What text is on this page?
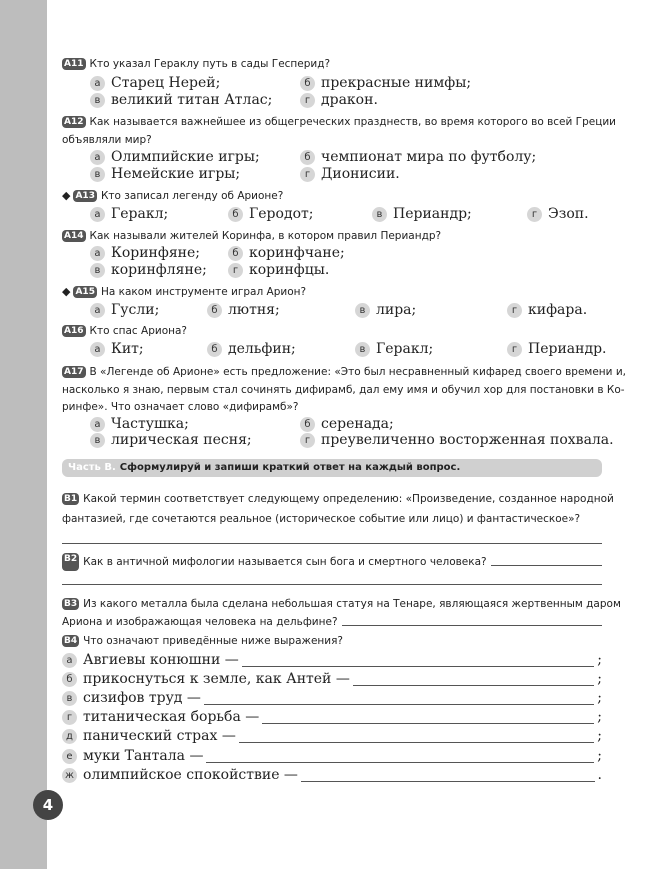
4
А11 Кто указал Гераклу путь в сады Гесперид?
а Старец Нерей;	б прекрасные нимфы;
в великий титан Атлас;	г дракон.
А12 Как называется важнейшее из общегреческих празднеств, во время которого во всей Греции
объявляли мир?
а Олимпийские игры;	б чемпионат мира по футболу;
в Немейские игры;	г Дионисии.
◆ А13 Кто записал легенду об Арионе?
а Геракл;	б Геродот;	в Периандр;	г Эзоп.
А14 Как называли жителей Коринфа, в котором правил Периандр?
а Коринфяне;	б коринфчане;
в коринфляне;	г коринфцы.
◆ А15 На каком инструменте играл Арион?
а Гусли;	б лютня;	в лира;	г кифара.
А16 Кто спас Ариона?
а Кит;	б дельфин;	в Геракл;	г Периандр.
А17 В «Легенде об Арионе» есть предложение: «Это был несравненный кифаред своего времени и,
насколько я знаю, первым стал сочинять дифирамб, дал ему имя и обучил хор для постановки в Ко-
ринфе». Что означает слово «дифирамб»?
а Частушка;	б серенада;
в лирическая песня;	г преувеличенно восторженная похвала.
Часть В. Сформулируй и запиши краткий ответ на каждый вопрос.
В1 Какой термин соответствует следующему определению: «Произведение, созданное народной
фантазией, где сочетаются реальное (историческое событие или лицо) и фантастическое»?
В2 Как в античной мифологии называется сын бога и смертного человека?
В3 Из какого металла была сделана небольшая статуя на Тенаре, являющаяся жертвенным даром
Ариона и изображающая человека на дельфине?
В4 Что означают приведённые ниже выражения?
а Авгиевы конюшни —	;
б прикоснуться к земле, как Антей —	;
в сизифов труд —	;
г титаническая борьба —	;
д панический страх —	;
е муки Тантала —	;
ж олимпийское спокойствие —	.
